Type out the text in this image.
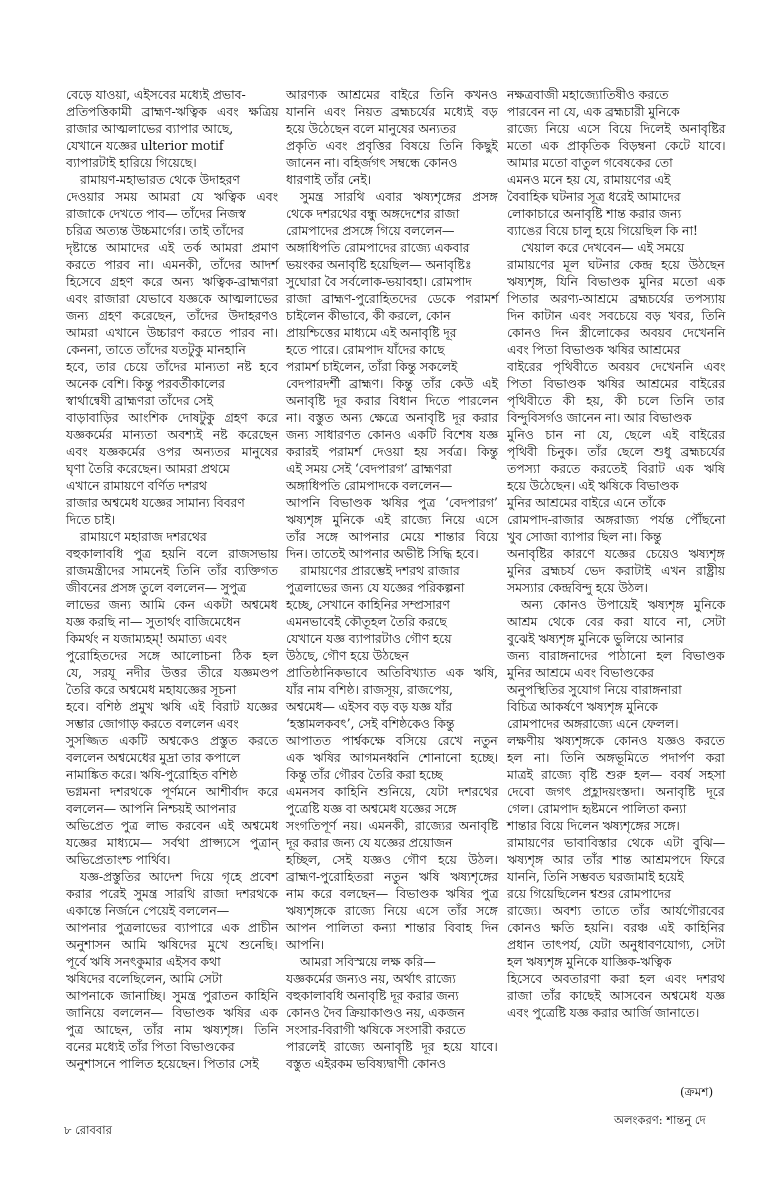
বেড়ে যাওয়া, এইসবের মধ্যেই প্রভাব-
প্রতিপত্তিকামী ব্রাহ্মণ-ঋত্বিক এবং ক্ষত্রিয়
রাজার আত্মলাভের ব্যাপার আছে,
যেখানে যজ্ঞের ulterior motif
ব্যাপারটাই হারিয়ে গিয়েছে।
রামায়ণ-মহাভারত থেকে উদাহরণ
দেওয়ার সময় আমরা যে ঋত্বিক এবং
রাজাকে দেখতে পাব— তাঁদের নিজস্ব
চরিত্র অত্যন্ত উচ্চমার্গের। তাই তাঁদের
দৃষ্টান্তে আমাদের এই তর্ক আমরা প্রমাণ
করতে পারব না। এমনকী, তাঁদের আদর্শ
হিসেবে গ্রহণ করে অন্য ঋত্বিক-ব্রাহ্মণরা
এবং রাজারা যেভাবে যজ্ঞকে আত্মলাভের
জন্য গ্রহণ করেছেন, তাঁদের উদাহরণও
আমরা এখানে উচ্চারণ করতে পারব না।
কেননা, তাতে তাঁদের যতটুকু মানহানি
হবে, তার চেয়ে তাঁদের মান্যতা নষ্ট হবে
অনেক বেশি। কিন্তু পরবর্তীকালের
স্বার্থান্বেষী ব্রাহ্মণরা তাঁদের সেই
বাড়াবাড়ির আংশিক দোষটুকু গ্রহণ করে
যজ্ঞকর্মের মান্যতা অবশ্যই নষ্ট করেছেন
এবং যজ্ঞকর্মের ওপর অন্যতর মানুষের
ঘৃণা তৈরি করেছেন। আমরা প্রথমে
এখানে রামায়ণে বর্ণিত দশরথ
রাজার অশ্বমেধ যজ্ঞের সামান্য বিবরণ
দিতে চাই।
রামায়ণে মহারাজ দশরথের
বহুকালাবধি পুত্র হয়নি বলে রাজসভায়
রাজমন্ত্রীদের সামনেই তিনি তাঁর ব্যক্তিগত
জীবনের প্রসঙ্গ তুলে বললেন— সুপুত্র
লাভের জন্য আমি কেন একটা অশ্বমেধ
যজ্ঞ করছি না— সুতার্থং বাজিমেধেন
কিমর্থং ন যজাম্যহম্! অমাত্য এবং
পুরোহিতদের সঙ্গে আলোচনা ঠিক হল
যে, সরযূ নদীর উত্তর তীরে যজ্ঞমণ্ডপ
তৈরি করে অশ্বমেধ মহাযজ্ঞের সূচনা
হবে। বশিষ্ঠ প্রমুখ ঋষি এই বিরাট যজ্ঞের
সম্ভার জোগাড় করতে বললেন এবং
সুসজ্জিত একটি অশ্বকেও প্রস্তুত করতে
বললেন অশ্বমেধের মুদ্রা তার কপালে
নামাঙ্কিত করে। ঋষি-পুরোহিত বশিষ্ঠ
ভগ্নমনা দশরথকে পূর্ণমনে আশীর্বাদ করে
বললেন— আপনি নিশ্চয়ই আপনার
অভিপ্রেত পুত্র লাভ করবেন এই অশ্বমেধ
যজ্ঞের মাধ্যমে— সর্বথা প্রাপ্স্যসে পুত্রান্
অভিপ্রেতাংশ্চ পার্থিব।
যজ্ঞ-প্রস্তুতির আদেশ দিয়ে গৃহে প্রবেশ
করার পরেই সুমন্ত্র সারথি রাজা দশরথকে
একান্তে নির্জনে পেয়েই বললেন—
আপনার পুত্রলাভের ব্যাপারে এক প্রাচীন
অনুশাসন আমি ঋষিদের মুখে শুনেছি।
পূর্বে ঋষি সনৎকুমার এইসব কথা
ঋষিদের বলেছিলেন, আমি সেটা
আপনাকে জানাচ্ছি। সুমন্ত্র পুরাতন কাহিনি
জানিয়ে বললেন— বিভাণ্ডক ঋষির এক
পুত্র আছেন, তাঁর নাম ঋষ্যশৃঙ্গ। তিনি
বনের মধ্যেই তাঁর পিতা বিভাণ্ডকের
অনুশাসনে পালিত হয়েছেন। পিতার সেই
আরণ্যক আশ্রমের বাইরে তিনি কখনও
যাননি এবং নিয়ত ব্রহ্মচর্যের মধ্যেই বড়
হয়ে উঠেছেন বলে মানুষের অন্যতর
প্রকৃতি এবং প্রবৃত্তির বিষয়ে তিনি কিছুই
জানেন না। বহির্জগৎ সম্বন্ধে কোনও
ধারণাই তাঁর নেই।
সুমন্ত্র সারথি এবার ঋষ্যশৃঙ্গের প্রসঙ্গ
থেকে দশরথের বন্ধু অঙ্গদেশের রাজা
রোমপাদের প্রসঙ্গে গিয়ে বললেন—
অঙ্গাধিপতি রোমপাদের রাজ্যে একবার
ভয়ংকর অনাবৃষ্টি হয়েছিল— অনাবৃষ্টিঃ
সুঘোরা বৈ সর্বলোক-ভয়াবহা। রোমপাদ
রাজা ব্রাহ্মণ-পুরোহিতদের ডেকে পরামর্শ
চাইলেন কীভাবে, কী করলে, কোন
প্রায়শ্চিত্তের মাধ্যমে এই অনাবৃষ্টি দূর
হতে পারে। রোমপাদ যাঁদের কাছে
পরামর্শ চাইলেন, তাঁরা কিন্তু সকলেই
বেদপারদর্শী ব্রাহ্মণ। কিন্তু তাঁর কেউ এই
অনাবৃষ্টি দূর করার বিধান দিতে পারলেন
না। বস্তুত অন্য ক্ষেত্রে অনাবৃষ্টি দূর করার
জন্য সাধারণত কোনও একটি বিশেষ যজ্ঞ
করারই পরামর্শ দেওয়া হয় সর্বত্র। কিন্তু
এই সময় সেই ‘বেদপারগ’ ব্রাহ্মণরা
অঙ্গাধিপতি রোমপাদকে বললেন—
আপনি বিভাণ্ডক ঋষির পুত্র ‘বেদপারগ’
ঋষ্যশৃঙ্গ মুনিকে এই রাজ্যে নিয়ে এসে
তাঁর সঙ্গে আপনার মেয়ে শান্তার বিয়ে
দিন। তাতেই আপনার অভীষ্ট সিদ্ধি হবে।
রামায়ণের প্রারম্ভেই দশরথ রাজার
পুত্রলাভের জন্য যে যজ্ঞের পরিকল্পনা
হচ্ছে, সেখানে কাহিনির সম্প্রসারণ
এমনভাবেই কৌতূহল তৈরি করছে
যেখানে যজ্ঞ ব্যাপারটাও গৌণ হয়ে
উঠছে, গৌণ হয়ে উঠছেন
প্রাতিষ্ঠানিকভাবে অতিবিখ্যাত এক ঋষি,
যাঁর নাম বশিষ্ঠ। রাজসূয়, রাজপেয়,
অশ্বমেধ— এইসব বড় বড় যজ্ঞ যাঁর
‘হস্তামলকবৎ’, সেই বশিষ্ঠকেও কিন্তু
আপাতত পার্শ্বকক্ষে বসিয়ে রেখে নতুন
এক ঋষির আগমনধ্বনি শোনানো হচ্ছে।
কিন্তু তাঁর গৌরব তৈরি করা হচ্ছে
এমনসব কাহিনি শুনিয়ে, যেটা দশরথের
পুত্রেষ্টি যজ্ঞ বা অশ্বমেধ যজ্ঞের সঙ্গে
সংগতিপূর্ণ নয়। এমনকী, রাজ্যের অনাবৃষ্টি
দূর করার জন্য যে যজ্ঞের প্রয়োজন
হচ্ছিল, সেই যজ্ঞও গৌণ হয়ে উঠল।
ব্রাহ্মণ-পুরোহিতরা নতুন ঋষি ঋষ্যশৃঙ্গের
নাম করে বলছেন— বিভাণ্ডক ঋষির পুত্র
ঋষ্যশৃঙ্গকে রাজ্যে নিয়ে এসে তাঁর সঙ্গে
আপন পালিতা কন্যা শান্তার বিবাহ দিন
আপনি।
আমরা সবিস্ময়ে লক্ষ করি—
যজ্ঞকর্মের জন্যও নয়, অর্থাৎ রাজ্যে
বহুকালাবধি অনাবৃষ্টি দূর করার জন্য
কোনও দৈব ক্রিয়াকাণ্ডও নয়, একজন
সংসার-বিরাগী ঋষিকে সংসারী করতে
পারলেই রাজ্যে অনাবৃষ্টি দূর হয়ে যাবে।
বস্তুত এইরকম ভবিষ্যদ্বাণী কোনও
নক্ষত্রবাজী মহাজ্যোতিষীও করতে
পারবেন না যে, এক ব্রহ্মচারী মুনিকে
রাজ্যে নিয়ে এসে বিয়ে দিলেই অনাবৃষ্টির
মতো এক প্রাকৃতিক বিড়ম্বনা কেটে যাবে।
আমার মতো বাতুল গবেষকের তো
এমনও মনে হয় যে, রামায়ণের এই
বৈবাহিক ঘটনার সূত্র ধরেই আমাদের
লোকাচারে অনাবৃষ্টি শান্ত করার জন্য
ব্যাঙের বিয়ে চালু হয়ে গিয়েছিল কি না!
খেয়াল করে দেখবেন— এই সময়ে
রামায়ণের মূল ঘটনার কেন্দ্র হয়ে উঠছেন
ঋষ্যশৃঙ্গ, যিনি বিভাণ্ডক মুনির মতো এক
পিতার অরণ্য-আশ্রমে ব্রহ্মচর্যের তপস্যায়
দিন কাটান এবং সবচেয়ে বড় খবর, তিনি
কোনও দিন স্ত্রীলোকের অবয়ব দেখেননি
এবং পিতা বিভাণ্ডক ঋষির আশ্রমের
বাইরের পৃথিবীতে অবয়ব দেখেননি এবং
পিতা বিভাণ্ডক ঋষির আশ্রমের বাইরের
পৃথিবীতে কী হয়, কী চলে তিনি তার
বিন্দুবিসর্গও জানেন না। আর বিভাণ্ডক
মুনিও চান না যে, ছেলে এই বাইরের
পৃথিবী চিনুক। তাঁর ছেলে শুধু ব্রহ্মচর্যের
তপস্যা করতে করতেই বিরাট এক ঋষি
হয়ে উঠেছেন। এই ঋষিকে বিভাণ্ডক
মুনির আশ্রমের বাইরে এনে তাঁকে
রোমপাদ-রাজার অঙ্গরাজ্য পর্যন্ত পৌঁছনো
খুব সোজা ব্যাপার ছিল না। কিন্তু
অনাবৃষ্টির কারণে যজ্ঞের চেয়েও ঋষ্যশৃঙ্গ
মুনির ব্রহ্মচর্য ভেদ করাটাই এখন রাষ্ট্রীয়
সমস্যার কেন্দ্রবিন্দু হয়ে উঠল।
অন্য কোনও উপায়েই ঋষ্যশৃঙ্গ মুনিকে
আশ্রম থেকে বের করা যাবে না, সেটা
বুঝেই ঋষ্যশৃঙ্গ মুনিকে ভুলিয়ে আনার
জন্য বারাঙ্গনাদের পাঠানো হল বিভাণ্ডক
মুনির আশ্রমে এবং বিভাণ্ডকের
অনুপস্থিতির সুযোগ নিয়ে বারাঙ্গনারা
বিচিত্র আকর্ষণে ঋষ্যশৃঙ্গ মুনিকে
রোমপাদের অঙ্গরাজ্যে এনে ফেলল।
লক্ষণীয় ঋষ্যশৃঙ্গকে কোনও যজ্ঞও করতে
হল না। তিনি অঙ্গভূমিতে পদার্পণ করা
মাত্রই রাজ্যে বৃষ্টি শুরু হল— ববর্ষ সহসা
দেবো জগৎ প্রহ্লাদয়ংস্তদা। অনাবৃষ্টি দূরে
গেল। রোমপাদ হৃষ্টমনে পালিতা কন্যা
শান্তার বিয়ে দিলেন ঋষ্যশৃঙ্গের সঙ্গে।
রামায়ণের ভাবাবিস্তার থেকে এটা বুঝি—
ঋষ্যশৃঙ্গ আর তাঁর শান্ত আশ্রমপদে ফিরে
যাননি, তিনি সম্ভবত ঘরজামাই হয়েই
রয়ে গিয়েছিলেন শ্বশুর রোমপাদের
রাজ্যে। অবশ্য তাতে তাঁর আর্যগৌরবের
কোনও ক্ষতি হয়নি। বরঞ্চ এই কাহিনির
প্রধান তাৎপর্য, যেটা অনুধাবণযোগ্য, সেটা
হল ঋষ্যশৃঙ্গ মুনিকে যাজ্ঞিক-ঋত্বিক
হিসেবে অবতারণা করা হল এবং দশরথ
রাজা তাঁর কাছেই আসবেন অশ্বমেধ যজ্ঞ
এবং পুত্রেষ্টি যজ্ঞ করার আর্জি জানাতে।
(ক্রমশ)
অলংকরণ: শান্তনু দে
৮ রোববার
